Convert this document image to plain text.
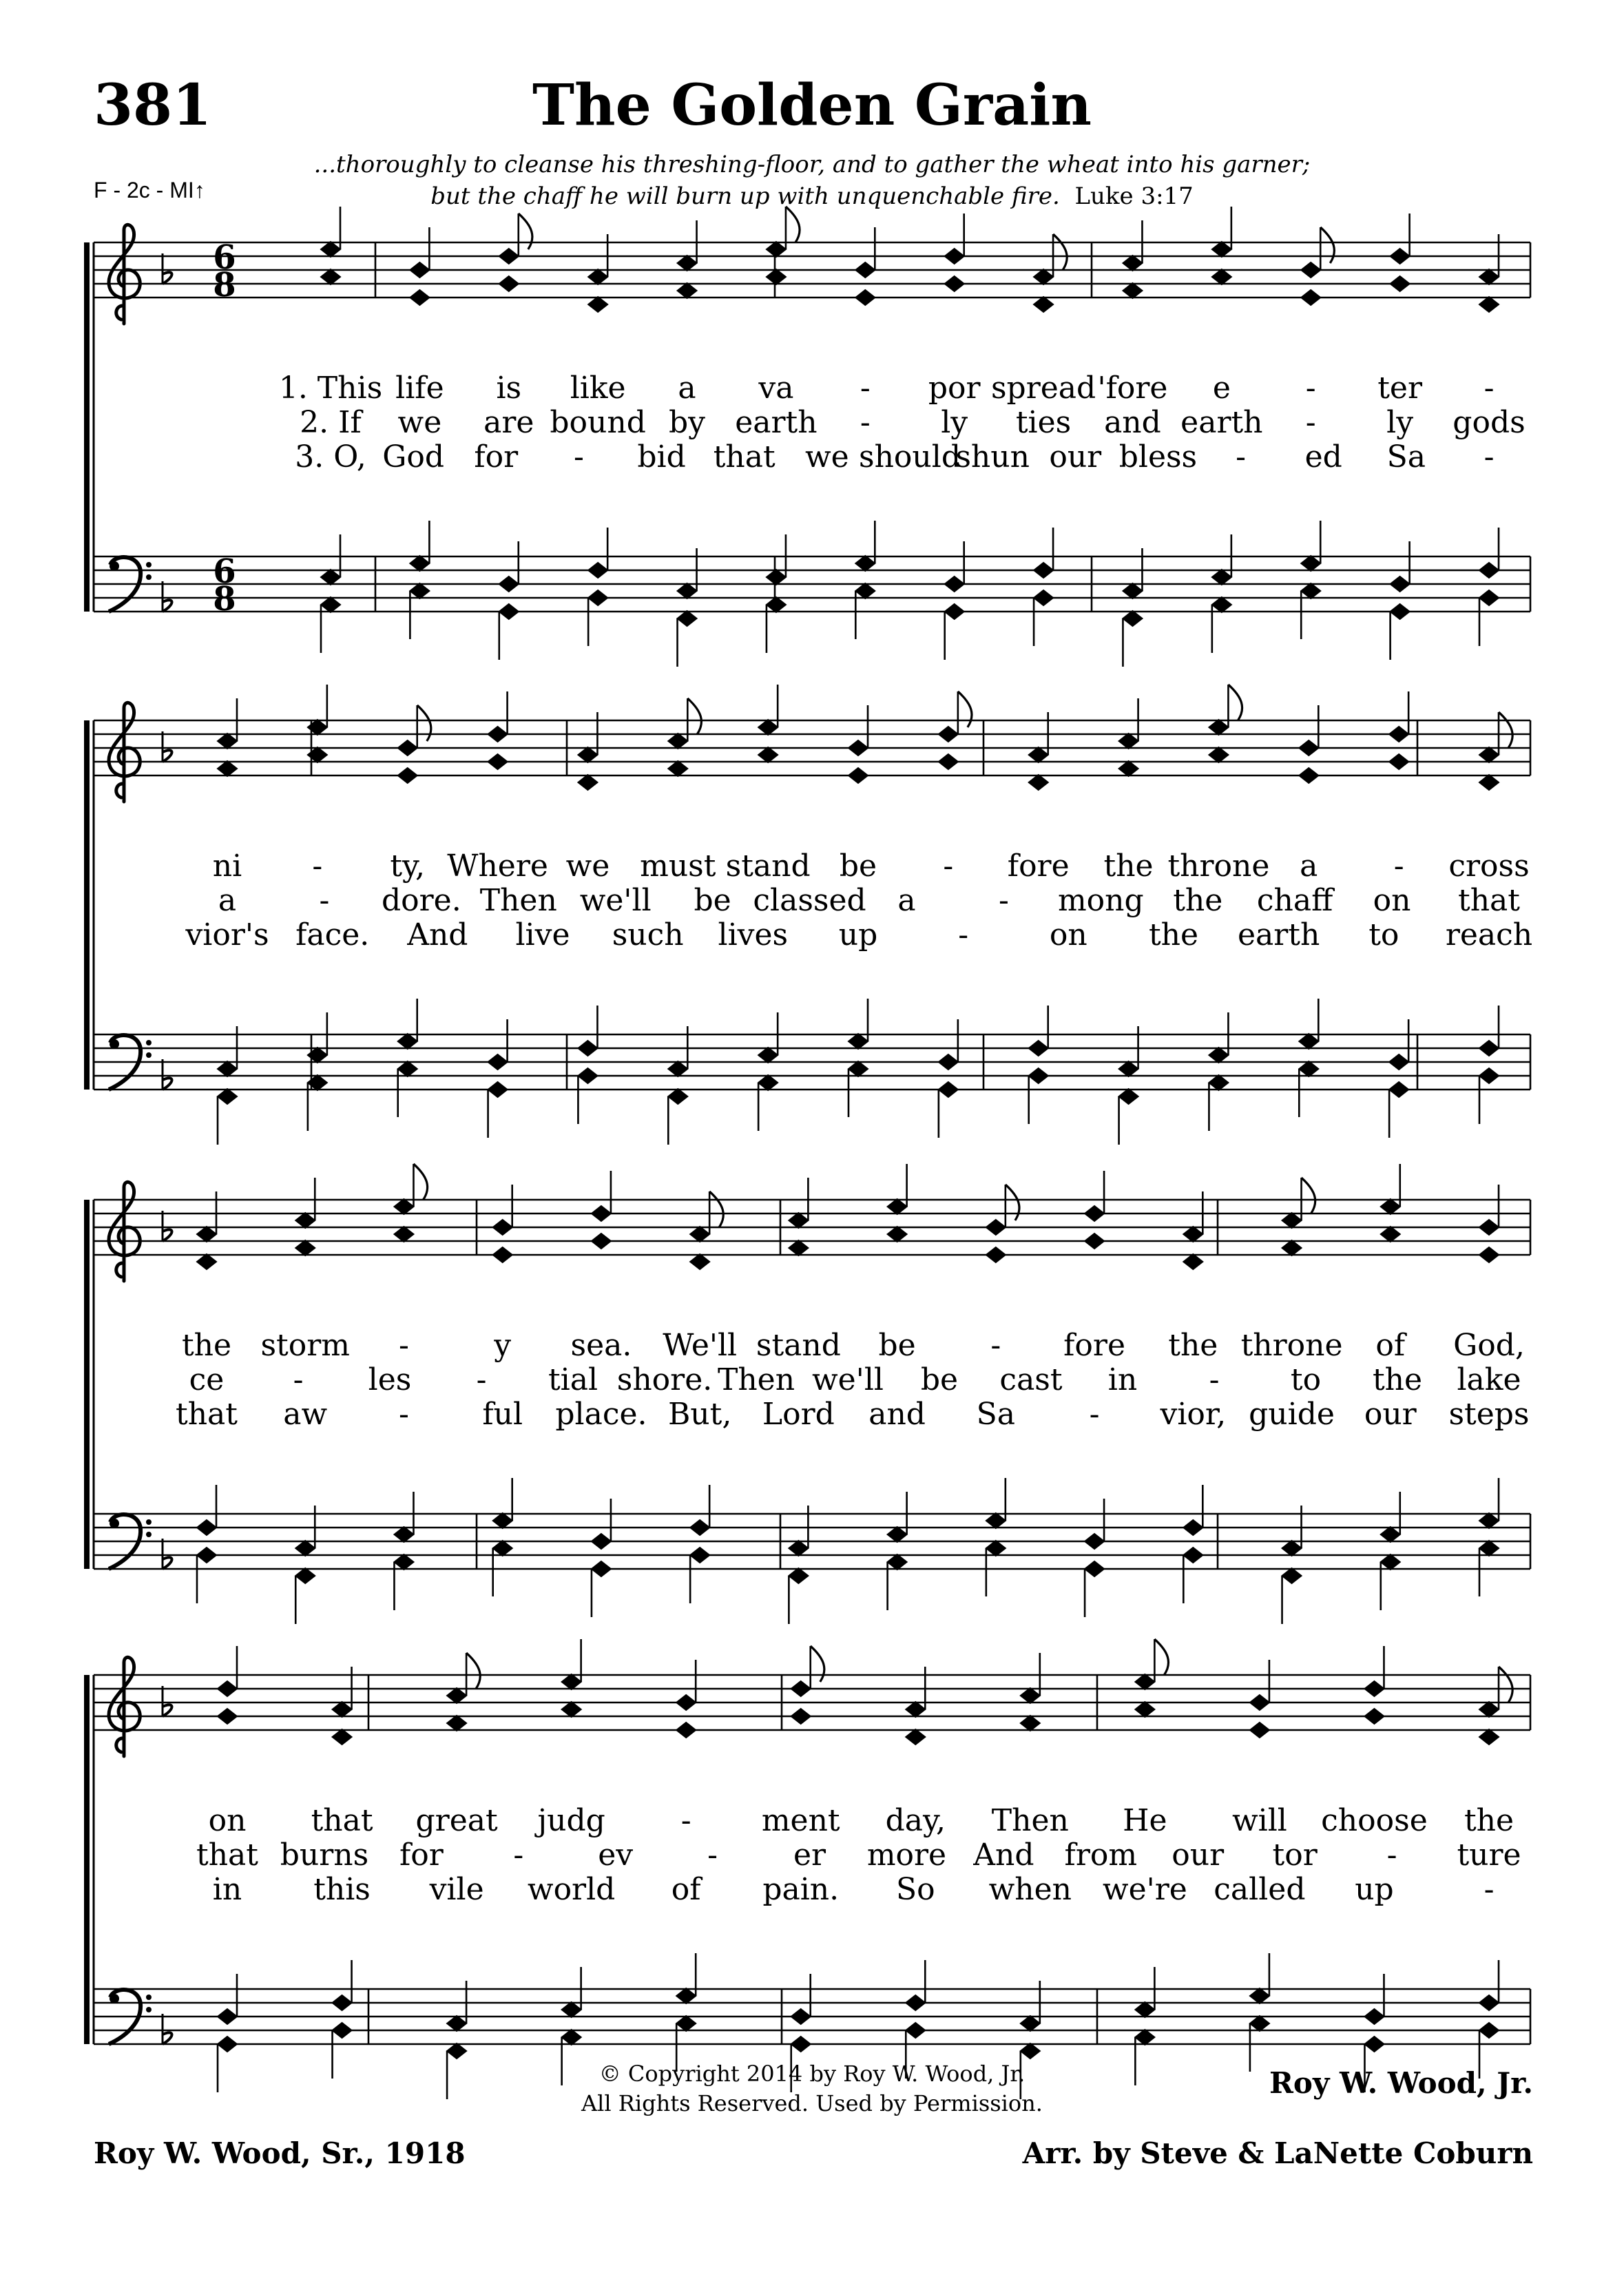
381	The Golden Grain
...thoroughly to cleanse his threshing-floor, and to gather the wheat into his garner;
but the chaff he will burn up with unquenchable fire. Luke 3:17
F - 2c - MI↑
6
8
6
8
1. This life is like a va - por spread 'fore e - ter -
2. If we are bound by earth - ly ties and earth - ly gods
3. O, God for - bid that we should
shun our bless - ed Sa -
ni - ty, Where we must stand be - fore the throne a	- cross
a	- dore. Then we'll be classed a	- mong the chaff on that
vior's face. And live such lives up	-	on the earth to reach
the storm -	y sea. We'll stand be - fore the throne of God,
ce - les - tial shore. Then we'll be cast in - to the lake
that aw - ful place. But, Lord and Sa - vior, guide our steps
on that great judg - ment day, Then He will choose the
that burns for - ev - er more And from our tor - ture
in this vile world of pain. So when we're called up	-
© Copyright 2014 by Roy W. Wood, Jr.
All Rights Reserved. Used by Permission.
Roy W. Wood, Jr.
Roy W. Wood, Sr., 1918	Arr. by Steve & LaNette Coburn
